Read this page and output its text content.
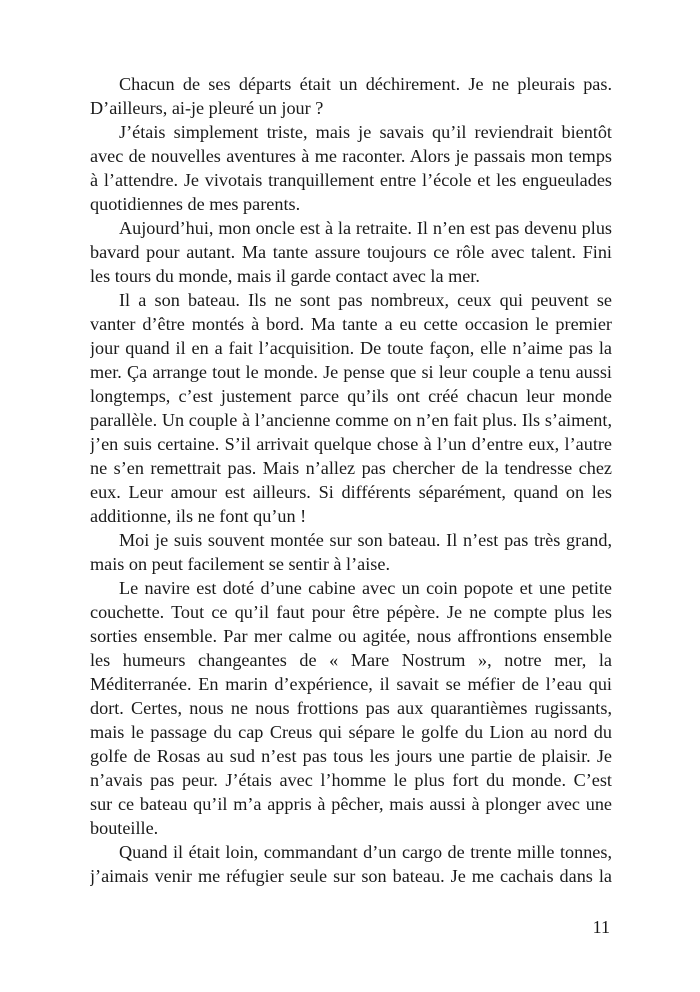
Chacun de ses départs était un déchirement. Je ne pleurais pas.
D’ailleurs, ai-je pleuré un jour ?
J’étais simplement triste, mais je savais qu’il reviendrait bientôt
avec de nouvelles aventures à me raconter. Alors je passais mon temps
à l’attendre. Je vivotais tranquillement entre l’école et les engueulades
quotidiennes de mes parents.
Aujourd’hui, mon oncle est à la retraite. Il n’en est pas devenu plus
bavard pour autant. Ma tante assure toujours ce rôle avec talent. Fini
les tours du monde, mais il garde contact avec la mer.
Il a son bateau. Ils ne sont pas nombreux, ceux qui peuvent se
vanter d’être montés à bord. Ma tante a eu cette occasion le premier
jour quand il en a fait l’acquisition. De toute façon, elle n’aime pas la
mer. Ça arrange tout le monde. Je pense que si leur couple a tenu aussi
longtemps, c’est justement parce qu’ils ont créé chacun leur monde
parallèle. Un couple à l’ancienne comme on n’en fait plus. Ils s’aiment,
j’en suis certaine. S’il arrivait quelque chose à l’un d’entre eux, l’autre
ne s’en remettrait pas. Mais n’allez pas chercher de la tendresse chez
eux. Leur amour est ailleurs. Si différents séparément, quand on les
additionne, ils ne font qu’un !
Moi je suis souvent montée sur son bateau. Il n’est pas très grand,
mais on peut facilement se sentir à l’aise.
Le navire est doté d’une cabine avec un coin popote et une petite
couchette. Tout ce qu’il faut pour être pépère. Je ne compte plus les
sorties ensemble. Par mer calme ou agitée, nous affrontions ensemble
les humeurs changeantes de « Mare Nostrum », notre mer, la
Méditerranée. En marin d’expérience, il savait se méfier de l’eau qui
dort. Certes, nous ne nous frottions pas aux quarantièmes rugissants,
mais le passage du cap Creus qui sépare le golfe du Lion au nord du
golfe de Rosas au sud n’est pas tous les jours une partie de plaisir. Je
n’avais pas peur. J’étais avec l’homme le plus fort du monde. C’est
sur ce bateau qu’il m’a appris à pêcher, mais aussi à plonger avec une
bouteille.
Quand il était loin, commandant d’un cargo de trente mille tonnes,
j’aimais venir me réfugier seule sur son bateau. Je me cachais dans la
11
